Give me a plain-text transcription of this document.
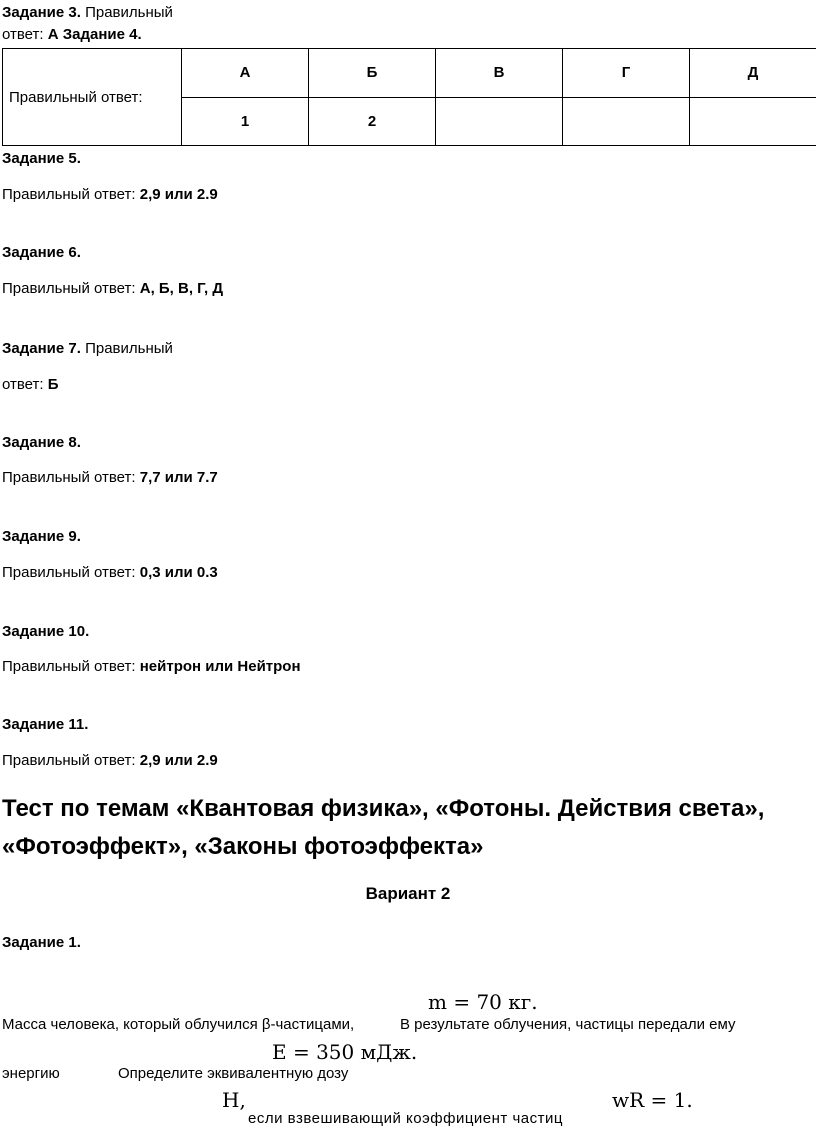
Задание 3. Правильный
ответ: А Задание 4.
Правильный ответ:	А	Б	В	Г	Д
	1	2			
Задание 5.
Правильный ответ: 2,9 или 2.9
Задание 6.
Правильный ответ: А, Б, В, Г, Д
Задание 7. Правильный
ответ: Б
Задание 8.
Правильный ответ: 7,7 или 7.7
Задание 9.
Правильный ответ: 0,3 или 0.3
Задание 10.
Правильный ответ: нейтрон или Нейтрон
Задание 11.
Правильный ответ: 2,9 или 2.9
Тест по темам «Квантовая физика», «Фотоны. Действия света», «Фотоэффект», «Законы фотоэффекта»
Вариант 2
Задание 1.
m = 70 кг.
Масса человека, который облучился β-частицами,	В результате облучения, частицы передали ему
E = 350 мДж.
энергию	Определите эквивалентную дозу
H,
если взвешивающий коэффициент частиц
wR = 1.
